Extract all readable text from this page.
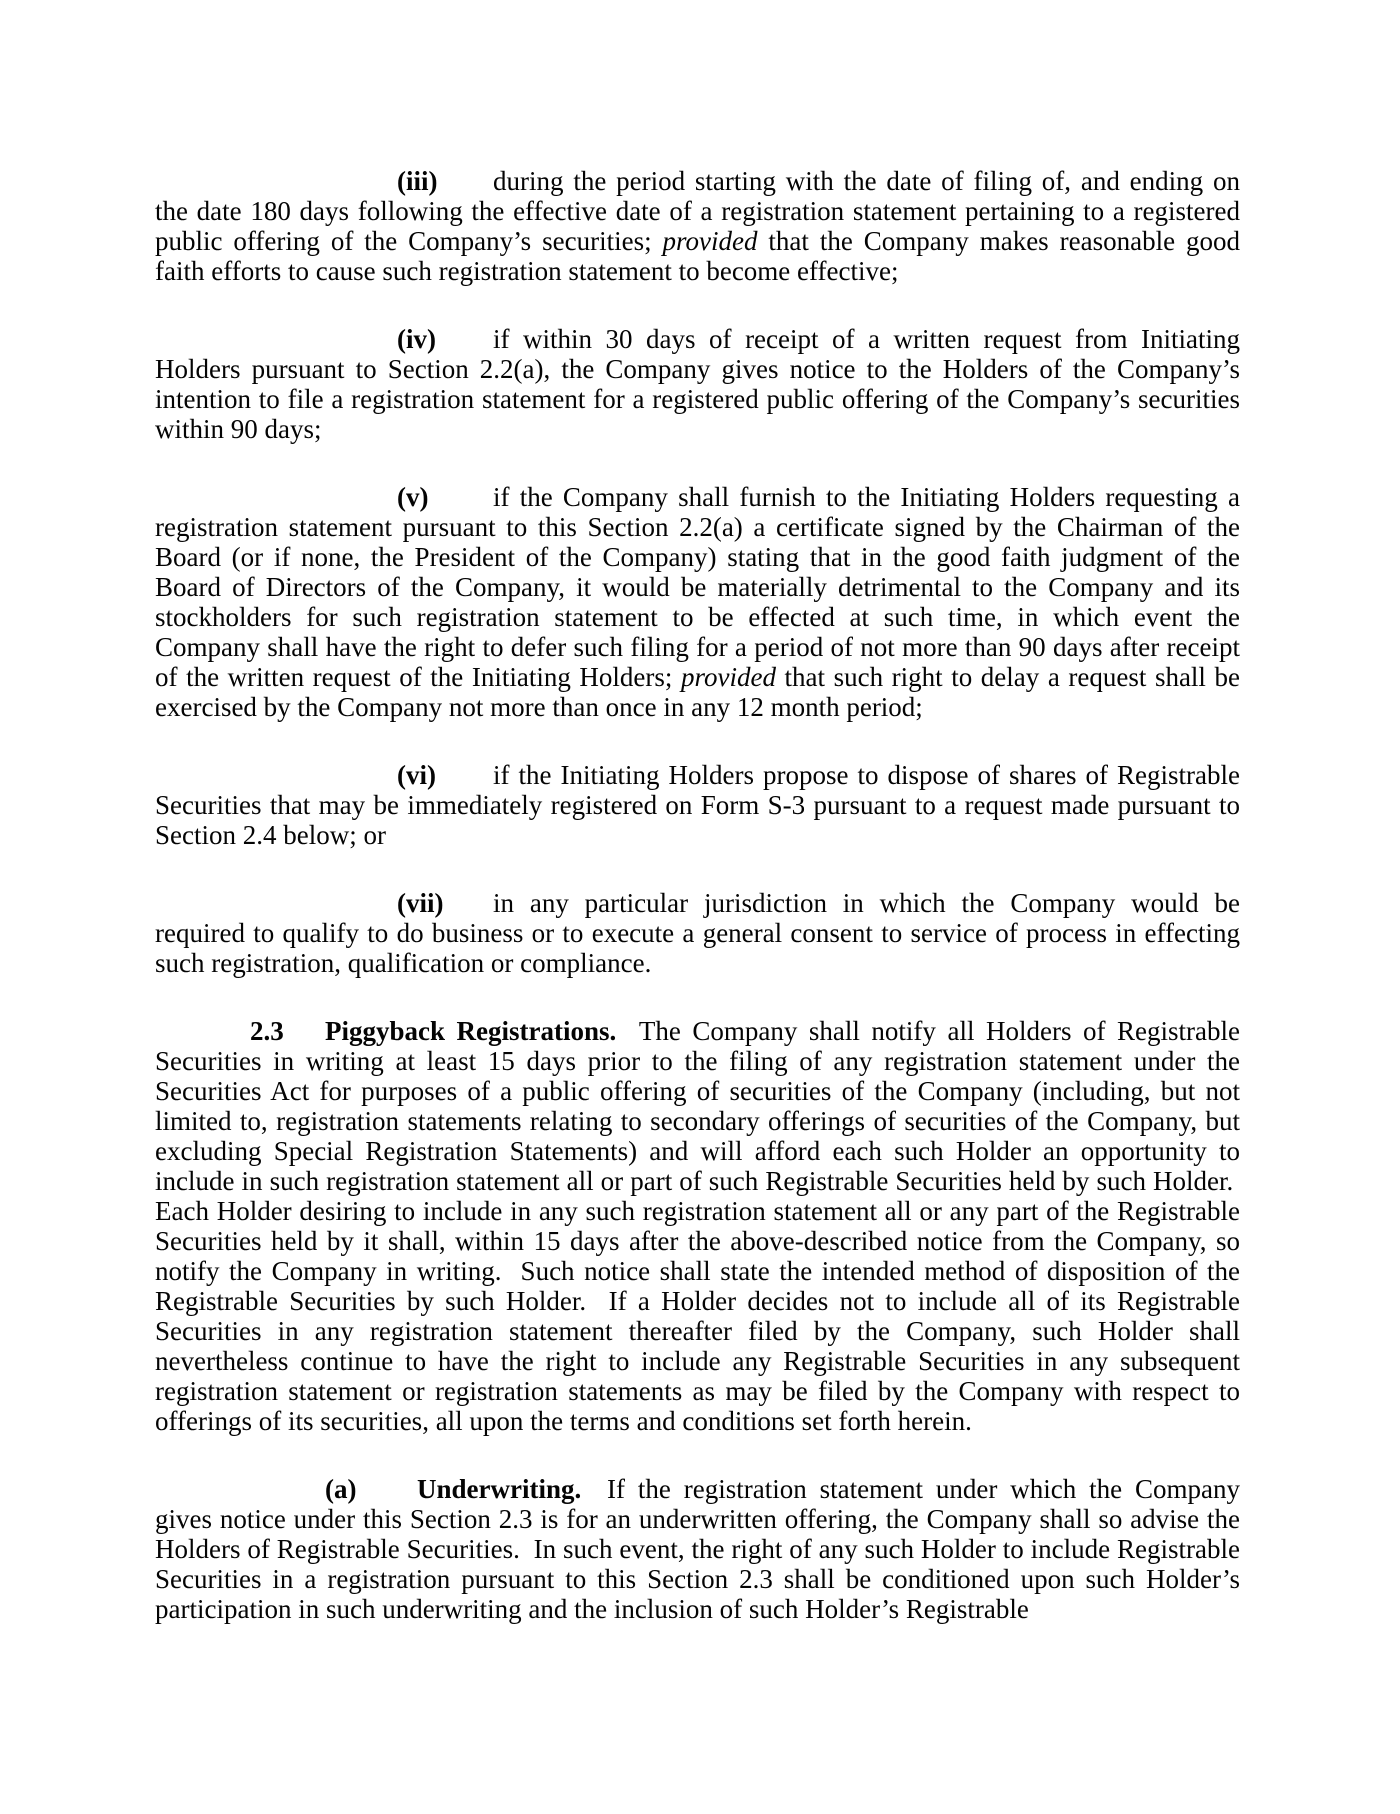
(iii) during the period starting with the date of filing of, and ending on the date 180 days following the effective date of a registration statement pertaining to a registered public offering of the Company’s securities; provided that the Company makes reasonable good faith efforts to cause such registration statement to become effective;

(iv) if within 30 days of receipt of a written request from Initiating Holders pursuant to Section 2.2(a), the Company gives notice to the Holders of the Company’s intention to file a registration statement for a registered public offering of the Company’s securities within 90 days;

(v) if the Company shall furnish to the Initiating Holders requesting a registration statement pursuant to this Section 2.2(a) a certificate signed by the Chairman of the Board (or if none, the President of the Company) stating that in the good faith judgment of the Board of Directors of the Company, it would be materially detrimental to the Company and its stockholders for such registration statement to be effected at such time, in which event the Company shall have the right to defer such filing for a period of not more than 90 days after receipt of the written request of the Initiating Holders; provided that such right to delay a request shall be exercised by the Company not more than once in any 12 month period;

(vi) if the Initiating Holders propose to dispose of shares of Registrable Securities that may be immediately registered on Form S-3 pursuant to a request made pursuant to Section 2.4 below; or

(vii) in any particular jurisdiction in which the Company would be required to qualify to do business or to execute a general consent to service of process in effecting such registration, qualification or compliance.

2.3 Piggyback Registrations.  The Company shall notify all Holders of Registrable Securities in writing at least 15 days prior to the filing of any registration statement under the Securities Act for purposes of a public offering of securities of the Company (including, but not limited to, registration statements relating to secondary offerings of securities of the Company, but excluding Special Registration Statements) and will afford each such Holder an opportunity to include in such registration statement all or part of such Registrable Securities held by such Holder.  Each Holder desiring to include in any such registration statement all or any part of the Registrable Securities held by it shall, within 15 days after the above-described notice from the Company, so notify the Company in writing.  Such notice shall state the intended method of disposition of the Registrable Securities by such Holder.  If a Holder decides not to include all of its Registrable Securities in any registration statement thereafter filed by the Company, such Holder shall nevertheless continue to have the right to include any Registrable Securities in any subsequent registration statement or registration statements as may be filed by the Company with respect to offerings of its securities, all upon the terms and conditions set forth herein.

(a) Underwriting.  If the registration statement under which the Company gives notice under this Section 2.3 is for an underwritten offering, the Company shall so advise the Holders of Registrable Securities.  In such event, the right of any such Holder to include Registrable Securities in a registration pursuant to this Section 2.3 shall be conditioned upon such Holder’s participation in such underwriting and the inclusion of such Holder’s Registrable
